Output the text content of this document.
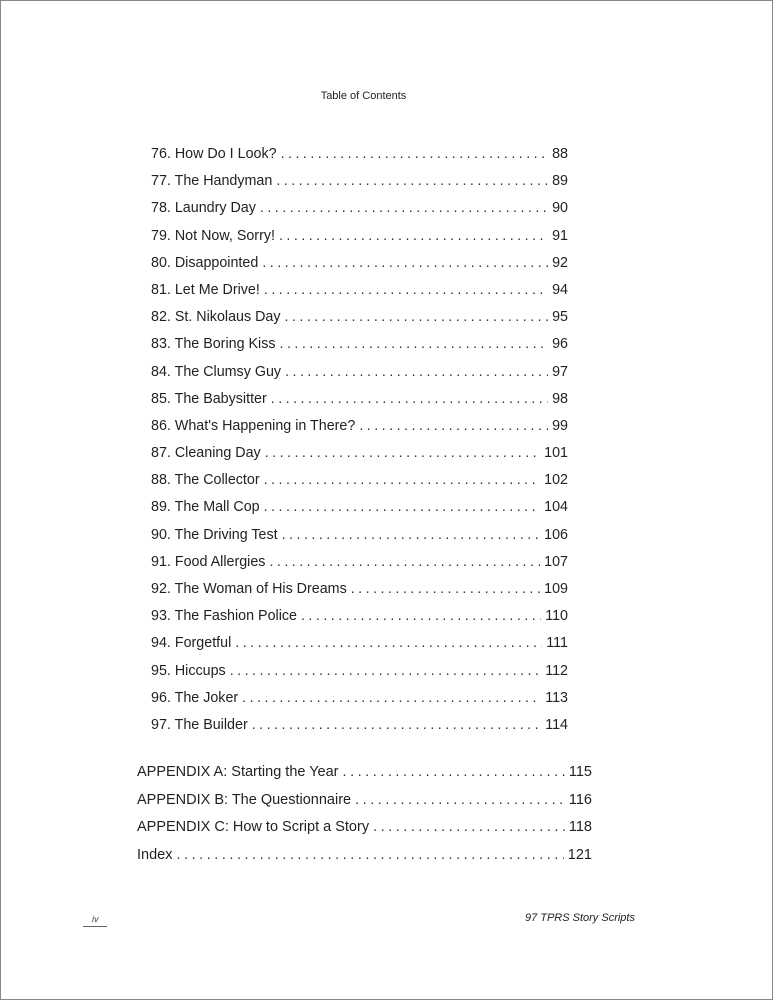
Table of Contents
76. How Do I Look? . . .	88
77. The Handyman . . .	89
78. Laundry Day . . .	90
79. Not Now, Sorry! . . .	91
80. Disappointed . . .	92
81. Let Me Drive! . . .	94
82. St. Nikolaus Day . . .	95
83. The Boring Kiss . . .	96
84. The Clumsy Guy . . .	97
85. The Babysitter . . .	98
86. What's Happening in There? . . .	99
87. Cleaning Day . . .	101
88. The Collector . . .	102
89. The Mall Cop . . .	104
90. The Driving Test . . .	106
91. Food Allergies . . .	107
92. The Woman of His Dreams . . .	109
93. The Fashion Police . . .	110
94. Forgetful . . .	111
95. Hiccups . . .	112
96. The Joker . . .	113
97. The Builder . . .	114
APPENDIX A: Starting the Year . . .	115
APPENDIX B: The Questionnaire . . .	116
APPENDIX C: How to Script a Story . . .	118
Index . . .	121
iv	97 TPRS Story Scripts
